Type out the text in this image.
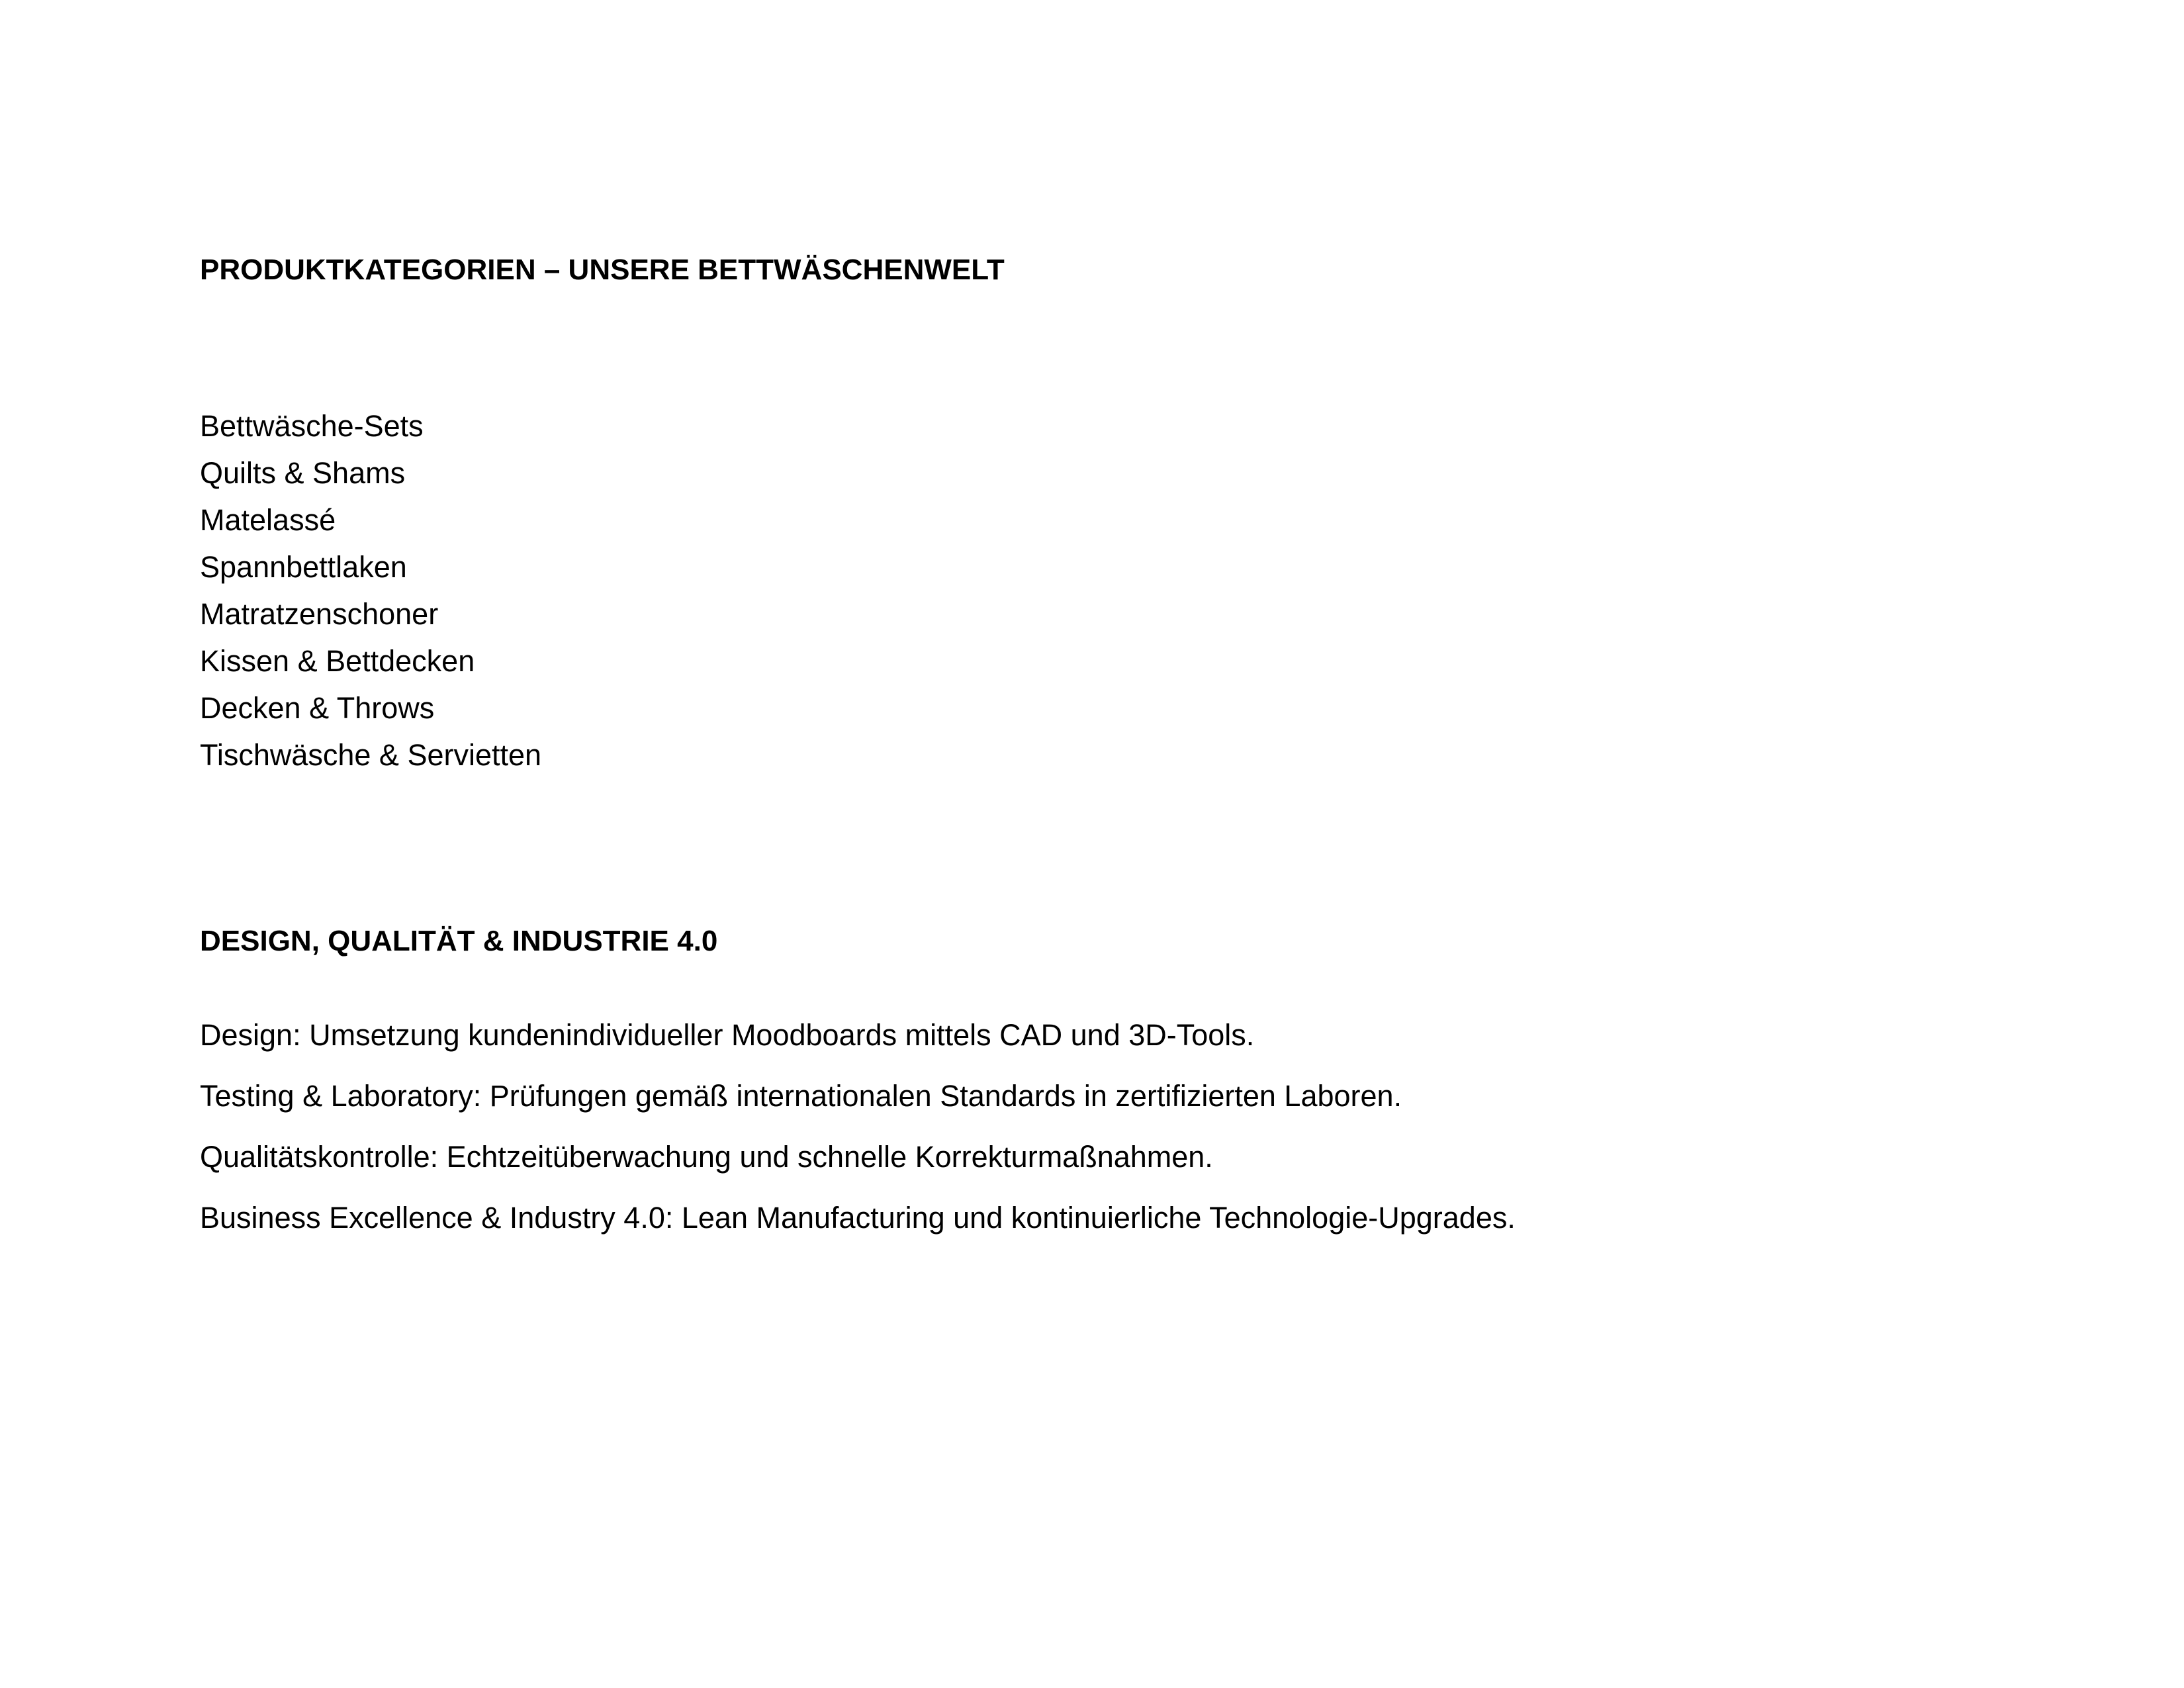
PRODUKTKATEGORIEN – UNSERE BETTWÄSCHENWELT
Bettwäsche-Sets
Quilts & Shams
Matelassé
Spannbettlaken
Matratzenschoner
Kissen & Bettdecken
Decken & Throws
Tischwäsche & Servietten
DESIGN, QUALITÄT & INDUSTRIE 4.0

Design: Umsetzung kundenindividueller Moodboards mittels CAD und 3D-Tools.

Testing & Laboratory: Prüfungen gemäß internationalen Standards in zertifizierten Laboren.

Qualitätskontrolle: Echtzeitüberwachung und schnelle Korrekturmaßnahmen.

Business Excellence & Industry 4.0: Lean Manufacturing und kontinuierliche Technologie-Upgrades.
